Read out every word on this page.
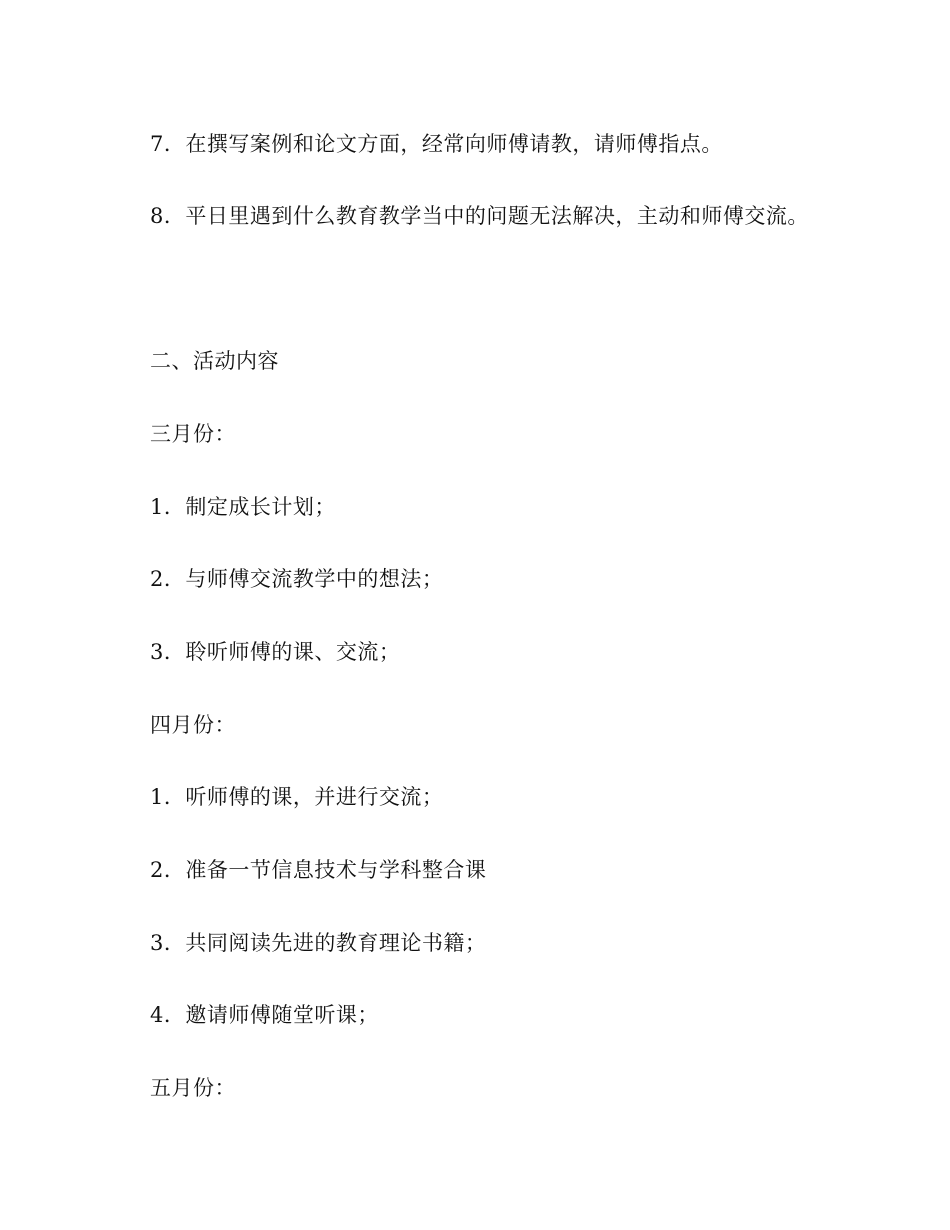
7．在撰写案例和论文方面，经常向师傅请教，请师傅指点。
8．平日里遇到什么教育教学当中的问题无法解决，主动和师傅交流。
二、活动内容
三月份：
1．制定成长计划；
2．与师傅交流教学中的想法；
3．聆听师傅的课、交流；
四月份：
1．听师傅的课，并进行交流；
2．准备一节信息技术与学科整合课
3．共同阅读先进的教育理论书籍；
4．邀请师傅随堂听课；
五月份：
